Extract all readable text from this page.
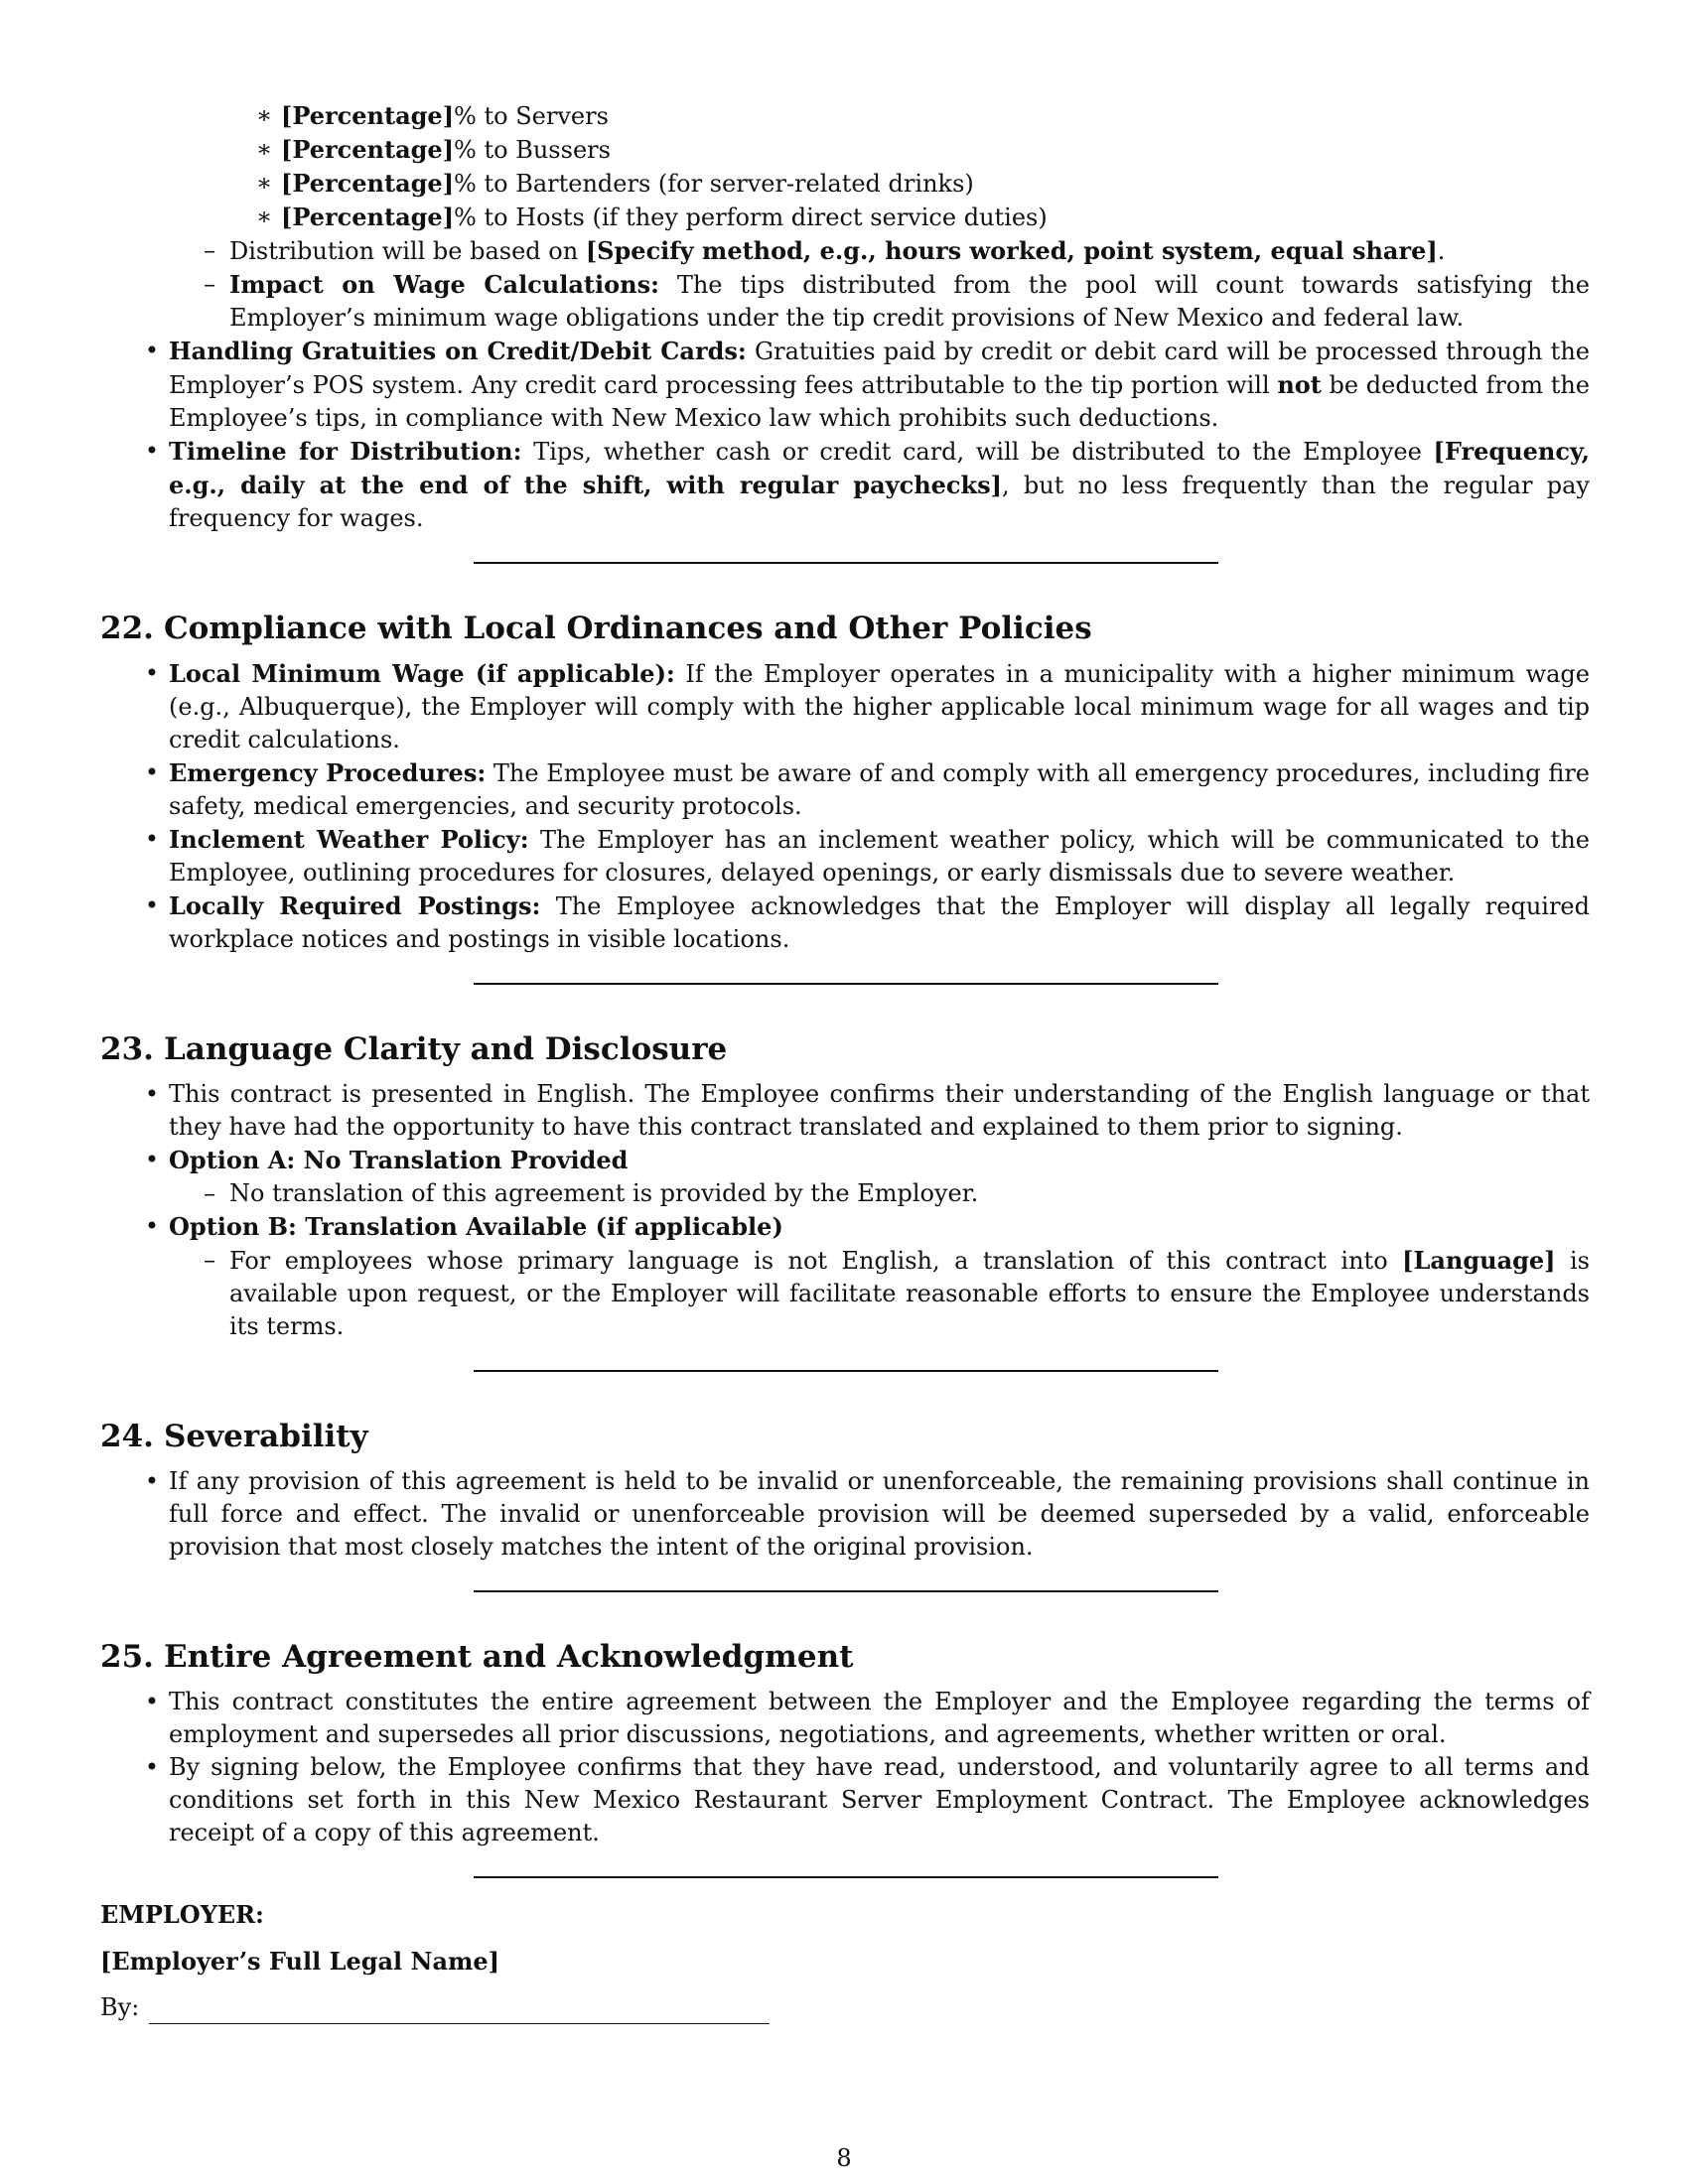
∗ [Percentage]% to Servers
∗ [Percentage]% to Bussers
∗ [Percentage]% to Bartenders (for server-related drinks)
∗ [Percentage]% to Hosts (if they perform direct service duties)
– Distribution will be based on [Specify method, e.g., hours worked, point system, equal share].
– Impact on Wage Calculations: The tips distributed from the pool will count towards satisfying the Employer’s minimum wage obligations under the tip credit provisions of New Mexico and federal law.
• Handling Gratuities on Credit/Debit Cards: Gratuities paid by credit or debit card will be processed through the Employer’s POS system. Any credit card processing fees attributable to the tip portion will not be deducted from the Employee’s tips, in compliance with New Mexico law which prohibits such deductions.
• Timeline for Distribution: Tips, whether cash or credit card, will be distributed to the Employee [Frequency, e.g., daily at the end of the shift, with regular paychecks], but no less frequently than the regular pay frequency for wages.
22. Compliance with Local Ordinances and Other Policies
• Local Minimum Wage (if applicable): If the Employer operates in a municipality with a higher minimum wage (e.g., Albuquerque), the Employer will comply with the higher applicable local minimum wage for all wages and tip credit calculations.
• Emergency Procedures: The Employee must be aware of and comply with all emergency procedures, including fire safety, medical emergencies, and security protocols.
• Inclement Weather Policy: The Employer has an inclement weather policy, which will be communicated to the Employee, outlining procedures for closures, delayed openings, or early dismissals due to severe weather.
• Locally Required Postings: The Employee acknowledges that the Employer will display all legally required workplace notices and postings in visible locations.
23. Language Clarity and Disclosure
• This contract is presented in English. The Employee confirms their understanding of the English language or that they have had the opportunity to have this contract translated and explained to them prior to signing.
• Option A: No Translation Provided
– No translation of this agreement is provided by the Employer.
• Option B: Translation Available (if applicable)
– For employees whose primary language is not English, a translation of this contract into [Language] is available upon request, or the Employer will facilitate reasonable efforts to ensure the Employee understands its terms.
24. Severability
• If any provision of this agreement is held to be invalid or unenforceable, the remaining provisions shall continue in full force and effect. The invalid or unenforceable provision will be deemed superseded by a valid, enforceable provision that most closely matches the intent of the original provision.
25. Entire Agreement and Acknowledgment
• This contract constitutes the entire agreement between the Employer and the Employee regarding the terms of employment and supersedes all prior discussions, negotiations, and agreements, whether written or oral.
• By signing below, the Employee confirms that they have read, understood, and voluntarily agree to all terms and conditions set forth in this New Mexico Restaurant Server Employment Contract. The Employee acknowledges receipt of a copy of this agreement.
EMPLOYER:
[Employer’s Full Legal Name]
By:
8
